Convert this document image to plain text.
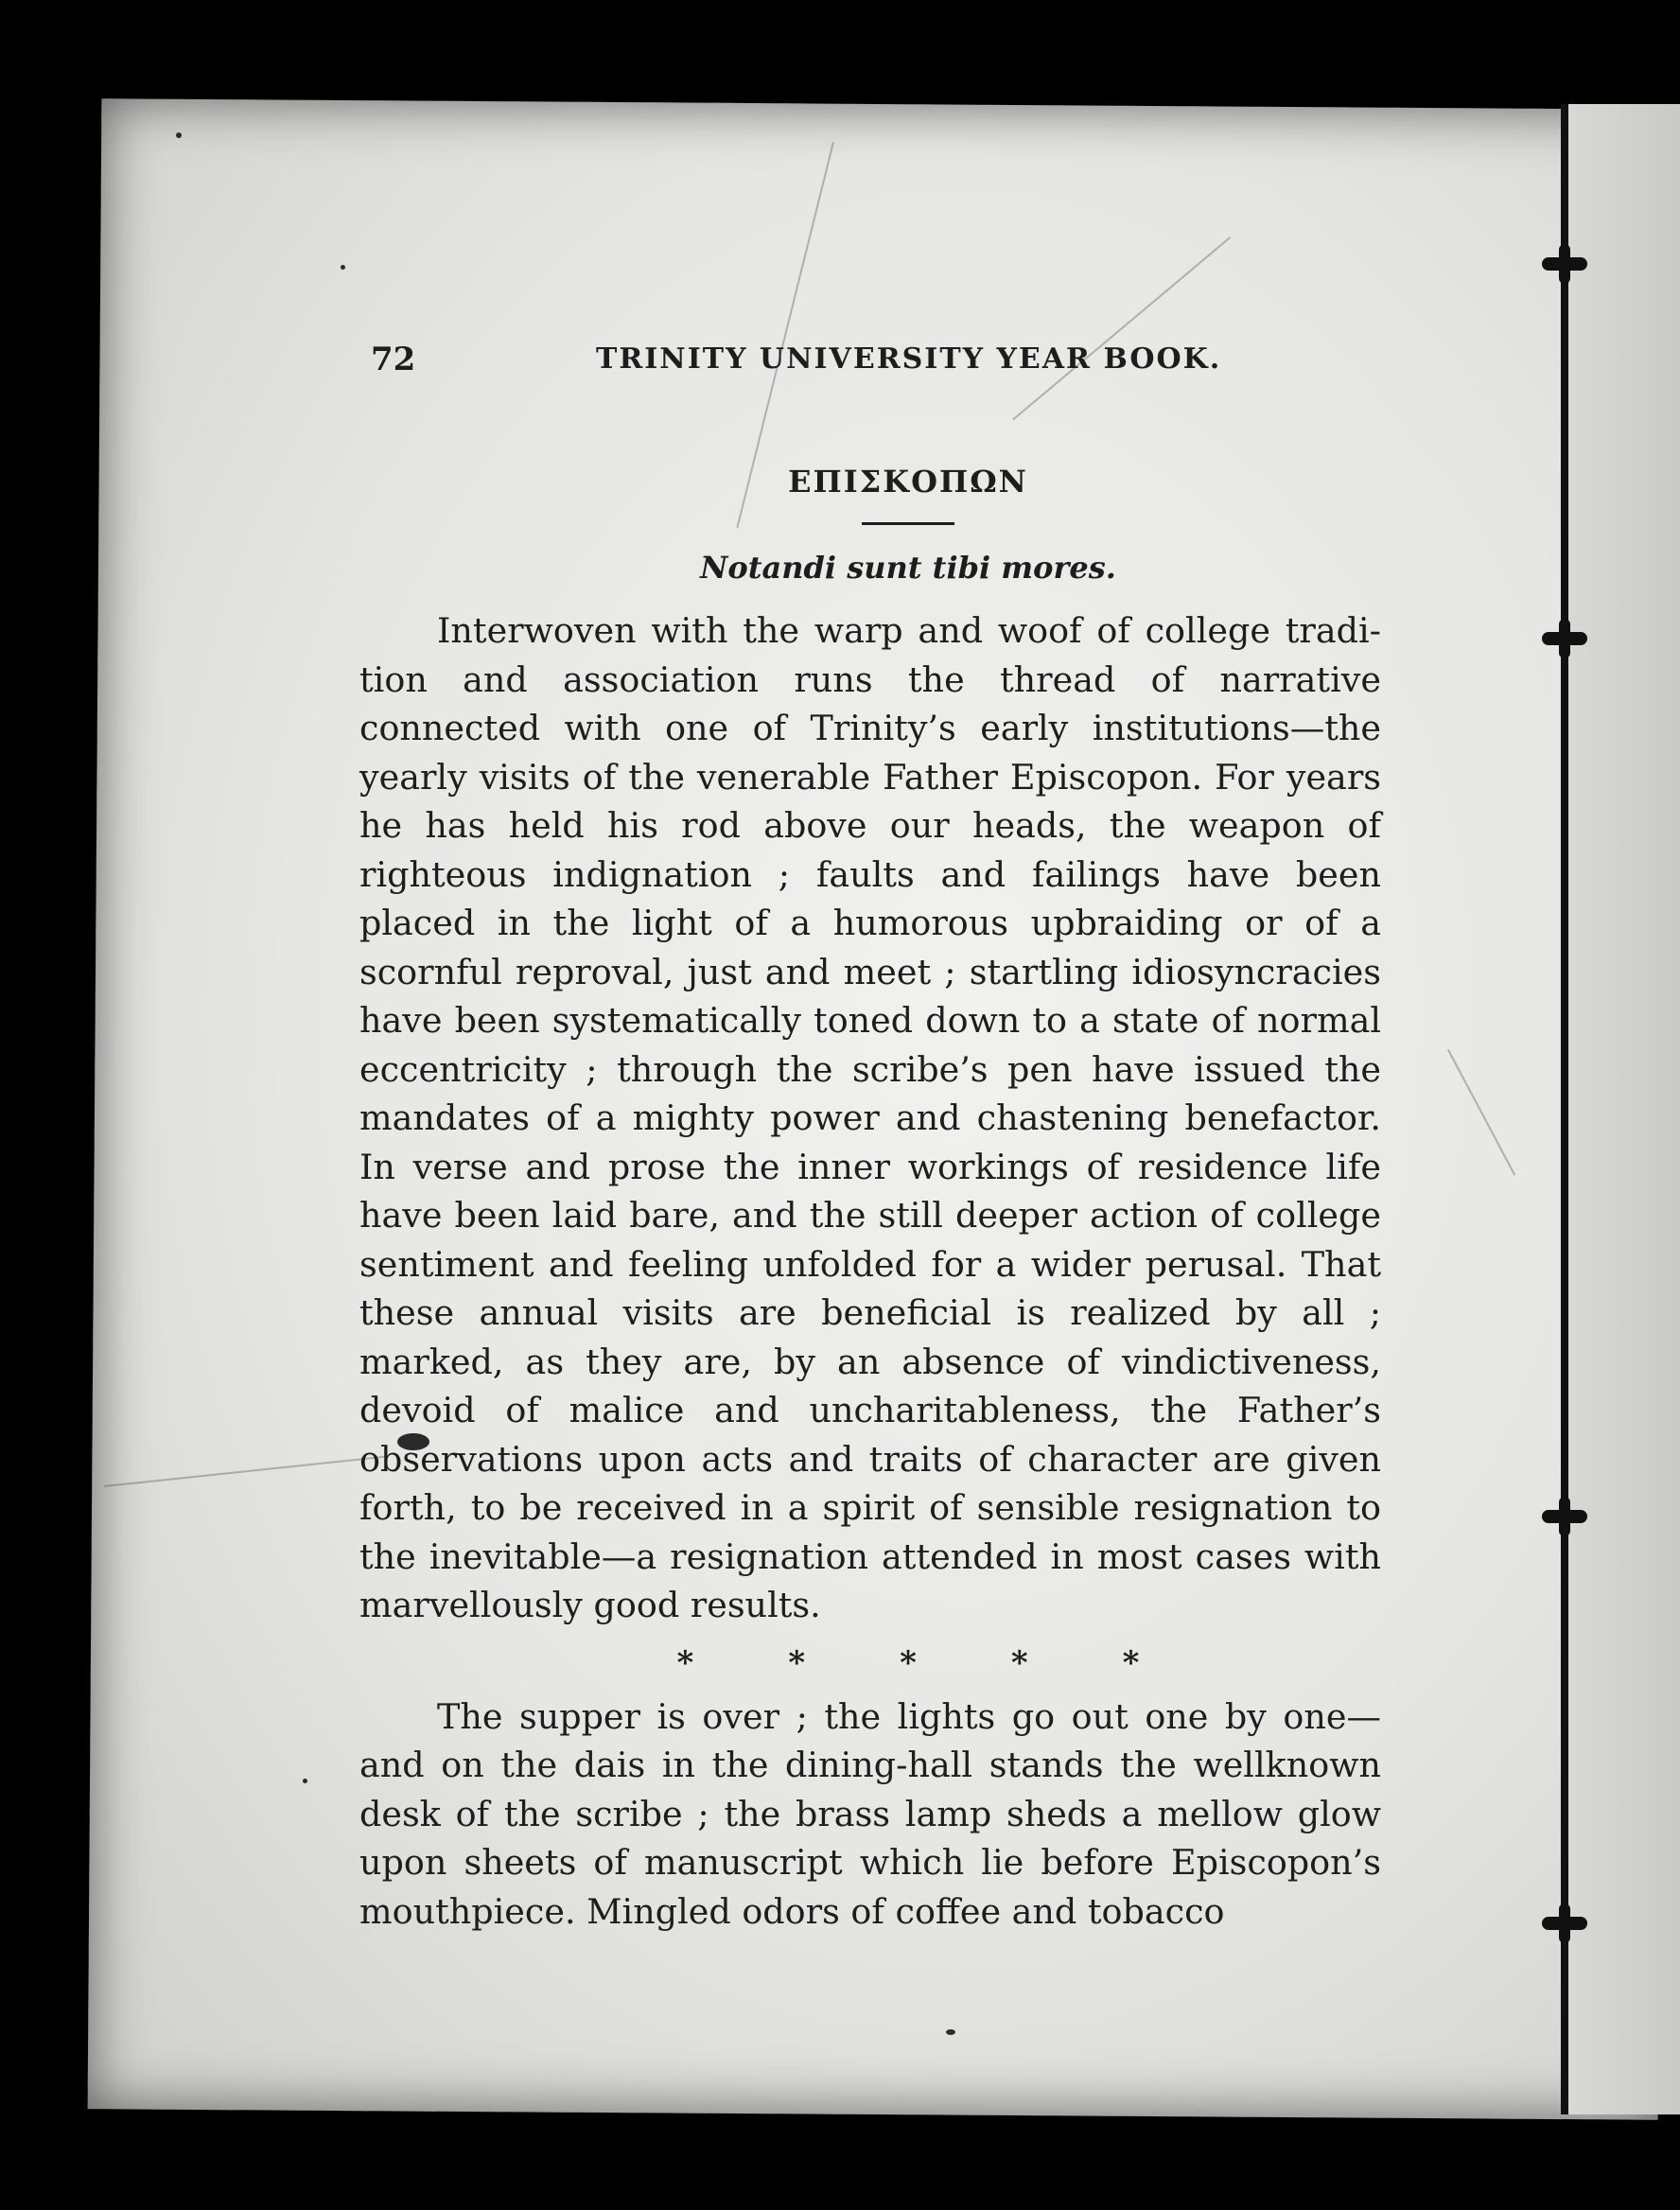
72	TRINITY UNIVERSITY YEAR BOOK.
ΕΠΙΣΚΟΠΩΝ
Notandi sunt tibi mores.

Interwoven with the warp and woof of college tradition and association runs the thread of narrative connected with one of Trinity’s early institutions—the yearly visits of the venerable Father Episcopon. For years he has held his rod above our heads, the weapon of righteous indignation ; faults and failings have been placed in the light of a humorous upbraiding or of a scornful reproval, just and meet ; startling idiosyncracies have been systematically toned down to a state of normal eccentricity ; through the scribe’s pen have issued the mandates of a mighty power and chastening benefactor. In verse and prose the inner workings of residence life have been laid bare, and the still deeper action of college sentiment and feeling unfolded for a wider perusal. That these annual visits are beneficial is realized by all ; marked, as they are, by an absence of vindictiveness, devoid of malice and uncharitableness, the Father’s observations upon acts and traits of character are given forth, to be received in a spirit of sensible resignation to the inevitable—a resignation attended in most cases with marvellously good results.

*	*	*	*	*

The supper is over ; the lights go out one by one— and on the dais in the dining-hall stands the wellknown desk of the scribe ; the brass lamp sheds a mellow glow upon sheets of manuscript which lie before Episcopon’s mouthpiece. Mingled odors of coffee and tobacco
